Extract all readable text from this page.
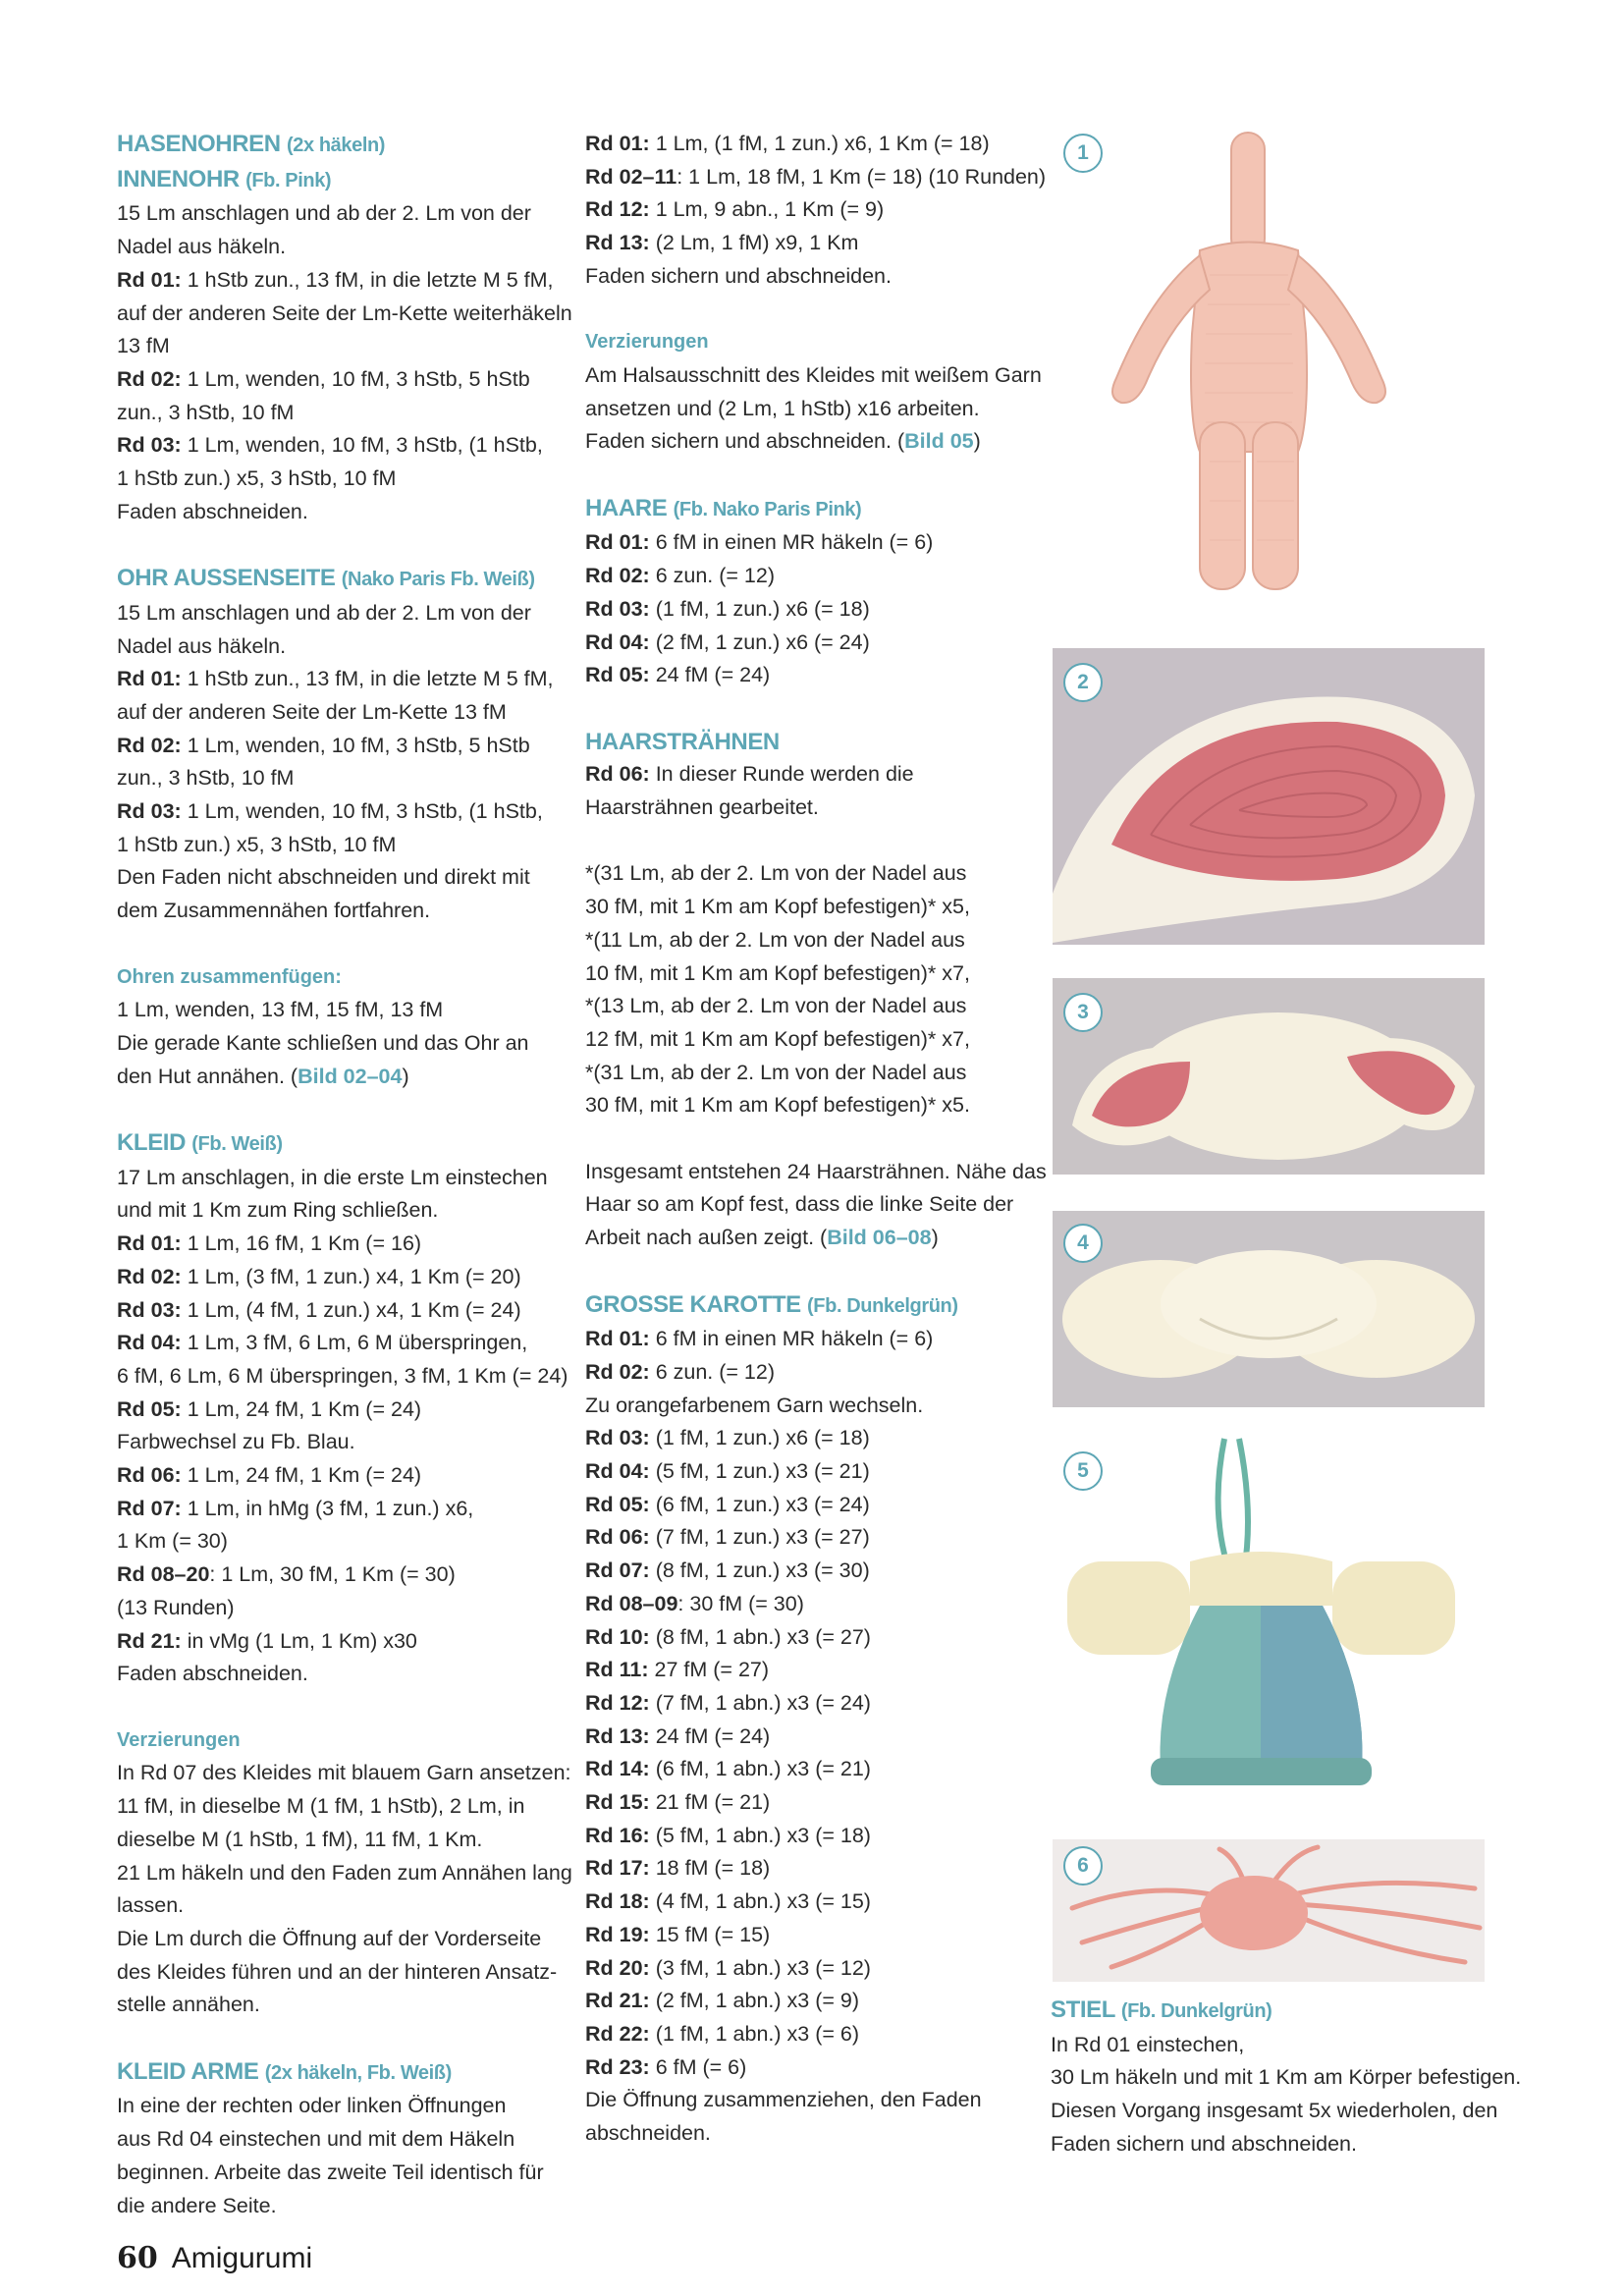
HASENOHREN (2x häkeln)
INNENOHR (Fb. Pink)
15 Lm anschlagen und ab der 2. Lm von der
Nadel aus häkeln.
Rd 01: 1 hStb zun., 13 fM, in die letzte M 5 fM,
auf der anderen Seite der Lm-Kette weiterhäkeln
13 fM
Rd 02: 1 Lm, wenden, 10 fM, 3 hStb, 5 hStb
zun., 3 hStb, 10 fM
Rd 03: 1 Lm, wenden, 10 fM, 3 hStb, (1 hStb,
1 hStb zun.) x5, 3 hStb, 10 fM
Faden abschneiden.
OHR AUSSENSEITE (Nako Paris Fb. Weiß)
15 Lm anschlagen und ab der 2. Lm von der
Nadel aus häkeln.
Rd 01: 1 hStb zun., 13 fM, in die letzte M 5 fM,
auf der anderen Seite der Lm-Kette 13 fM
Rd 02: 1 Lm, wenden, 10 fM, 3 hStb, 5 hStb
zun., 3 hStb, 10 fM
Rd 03: 1 Lm, wenden, 10 fM, 3 hStb, (1 hStb,
1 hStb zun.) x5, 3 hStb, 10 fM
Den Faden nicht abschneiden und direkt mit
dem Zusammennähen fortfahren.
Ohren zusammenfügen:
1 Lm, wenden, 13 fM, 15 fM, 13 fM
Die gerade Kante schließen und das Ohr an
den Hut annähen. (Bild 02–04)
KLEID (Fb. Weiß)
17 Lm anschlagen, in die erste Lm einstechen
und mit 1 Km zum Ring schließen.
Rd 01: 1 Lm, 16 fM, 1 Km (= 16)
Rd 02: 1 Lm, (3 fM, 1 zun.) x4, 1 Km (= 20)
Rd 03: 1 Lm, (4 fM, 1 zun.) x4, 1 Km (= 24)
Rd 04: 1 Lm, 3 fM, 6 Lm, 6 M überspringen,
6 fM, 6 Lm, 6 M überspringen, 3 fM, 1 Km (= 24)
Rd 05: 1 Lm, 24 fM, 1 Km (= 24)
Farbwechsel zu Fb. Blau.
Rd 06: 1 Lm, 24 fM, 1 Km (= 24)
Rd 07: 1 Lm, in hMg (3 fM, 1 zun.) x6,
1 Km (= 30)
Rd 08–20: 1 Lm, 30 fM, 1 Km (= 30)
(13 Runden)
Rd 21: in vMg (1 Lm, 1 Km) x30
Faden abschneiden.
Verzierungen
In Rd 07 des Kleides mit blauem Garn ansetzen:
11 fM, in dieselbe M (1 fM, 1 hStb), 2 Lm, in
dieselbe M (1 hStb, 1 fM), 11 fM, 1 Km.
21 Lm häkeln und den Faden zum Annähen lang
lassen.
Die Lm durch die Öffnung auf der Vorderseite
des Kleides führen und an der hinteren Ansatz-
stelle annähen.
KLEID ARME (2x häkeln, Fb. Weiß)
In eine der rechten oder linken Öffnungen
aus Rd 04 einstechen und mit dem Häkeln
beginnen. Arbeite das zweite Teil identisch für
die andere Seite.
Rd 01: 1 Lm, (1 fM, 1 zun.) x6, 1 Km (= 18)
Rd 02–11: 1 Lm, 18 fM, 1 Km (= 18) (10 Runden)
Rd 12: 1 Lm, 9 abn., 1 Km (= 9)
Rd 13: (2 Lm, 1 fM) x9, 1 Km
Faden sichern und abschneiden.
Verzierungen
Am Halsausschnitt des Kleides mit weißem Garn
ansetzen und (2 Lm, 1 hStb) x16 arbeiten.
Faden sichern und abschneiden. (Bild 05)
HAARE (Fb. Nako Paris Pink)
Rd 01: 6 fM in einen MR häkeln (= 6)
Rd 02: 6 zun. (= 12)
Rd 03: (1 fM, 1 zun.) x6 (= 18)
Rd 04: (2 fM, 1 zun.) x6 (= 24)
Rd 05: 24 fM (= 24)
HAARSTRÄHNEN
Rd 06: In dieser Runde werden die
Haarsträhnen gearbeitet.
*(31 Lm, ab der 2. Lm von der Nadel aus
30 fM, mit 1 Km am Kopf befestigen)* x5,
*(11 Lm, ab der 2. Lm von der Nadel aus
10 fM, mit 1 Km am Kopf befestigen)* x7,
*(13 Lm, ab der 2. Lm von der Nadel aus
12 fM, mit 1 Km am Kopf befestigen)* x7,
*(31 Lm, ab der 2. Lm von der Nadel aus
30 fM, mit 1 Km am Kopf befestigen)* x5.
Insgesamt entstehen 24 Haarsträhnen. Nähe das
Haar so am Kopf fest, dass die linke Seite der
Arbeit nach außen zeigt. (Bild 06–08)
GROSSE KAROTTE (Fb. Dunkelgrün)
Rd 01: 6 fM in einen MR häkeln (= 6)
Rd 02: 6 zun. (= 12)
Zu orangefarbenem Garn wechseln.
Rd 03: (1 fM, 1 zun.) x6 (= 18)
Rd 04: (5 fM, 1 zun.) x3 (= 21)
Rd 05: (6 fM, 1 zun.) x3 (= 24)
Rd 06: (7 fM, 1 zun.) x3 (= 27)
Rd 07: (8 fM, 1 zun.) x3 (= 30)
Rd 08–09: 30 fM (= 30)
Rd 10: (8 fM, 1 abn.) x3 (= 27)
Rd 11: 27 fM (= 27)
Rd 12: (7 fM, 1 abn.) x3 (= 24)
Rd 13: 24 fM (= 24)
Rd 14: (6 fM, 1 abn.) x3 (= 21)
Rd 15: 21 fM (= 21)
Rd 16: (5 fM, 1 abn.) x3 (= 18)
Rd 17: 18 fM (= 18)
Rd 18: (4 fM, 1 abn.) x3 (= 15)
Rd 19: 15 fM (= 15)
Rd 20: (3 fM, 1 abn.) x3 (= 12)
Rd 21: (2 fM, 1 abn.) x3 (= 9)
Rd 22: (1 fM, 1 abn.) x3 (= 6)
Rd 23: 6 fM (= 6)
Die Öffnung zusammenziehen, den Faden
abschneiden.
1
2
3
4
5
6
STIEL (Fb. Dunkelgrün)
In Rd 01 einstechen,
30 Lm häkeln und mit 1 Km am Körper befestigen.
Diesen Vorgang insgesamt 5x wiederholen, den
Faden sichern und abschneiden.
60 Amigurumi
